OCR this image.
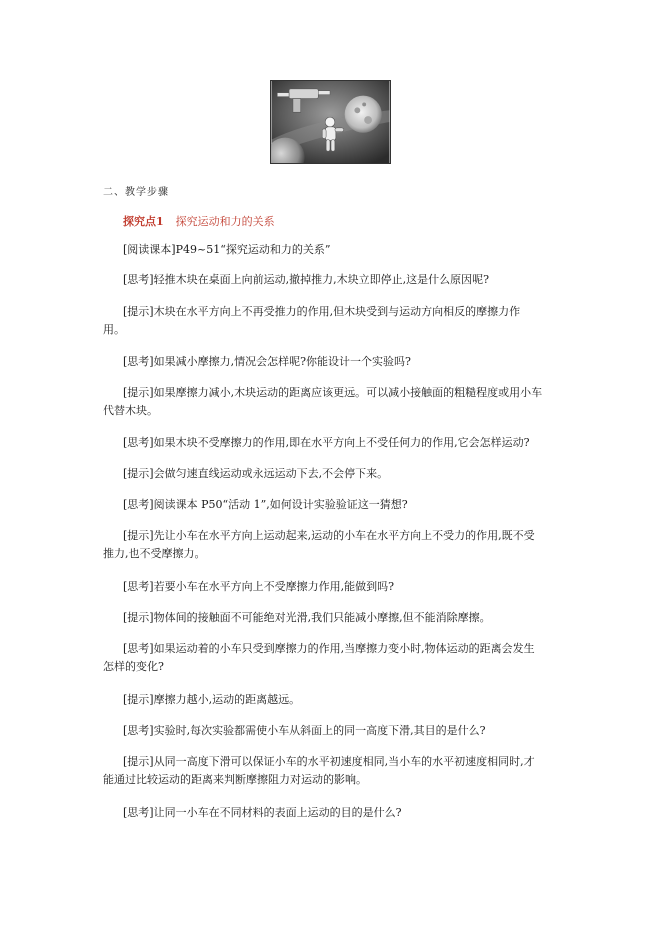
二、教学步骤
探究点1 探究运动和力的关系
[阅读课本]P49~51“探究运动和力的关系”
[思考]轻推木块在桌面上向前运动,撤掉推力,木块立即停止,这是什么原因呢?
[提示]木块在水平方向上不再受推力的作用,但木块受到与运动方向相反的摩擦力作
用。
[思考]如果减小摩擦力,情况会怎样呢?你能设计一个实验吗?
[提示]如果摩擦力减小,木块运动的距离应该更远。可以减小接触面的粗糙程度或用小车
代替木块。
[思考]如果木块不受摩擦力的作用,即在水平方向上不受任何力的作用,它会怎样运动?
[提示]会做匀速直线运动或永远运动下去,不会停下来。
[思考]阅读课本 P50“活动 1”,如何设计实验验证这一猜想?
[提示]先让小车在水平方向上运动起来,运动的小车在水平方向上不受力的作用,既不受
推力,也不受摩擦力。
[思考]若要小车在水平方向上不受摩擦力作用,能做到吗?
[提示]物体间的接触面不可能绝对光滑,我们只能减小摩擦,但不能消除摩擦。
[思考]如果运动着的小车只受到摩擦力的作用,当摩擦力变小时,物体运动的距离会发生
怎样的变化?
[提示]摩擦力越小,运动的距离越远。
[思考]实验时,每次实验都需使小车从斜面上的同一高度下滑,其目的是什么?
[提示]从同一高度下滑可以保证小车的水平初速度相同,当小车的水平初速度相同时,才
能通过比较运动的距离来判断摩擦阻力对运动的影响。
[思考]让同一小车在不同材料的表面上运动的目的是什么?
